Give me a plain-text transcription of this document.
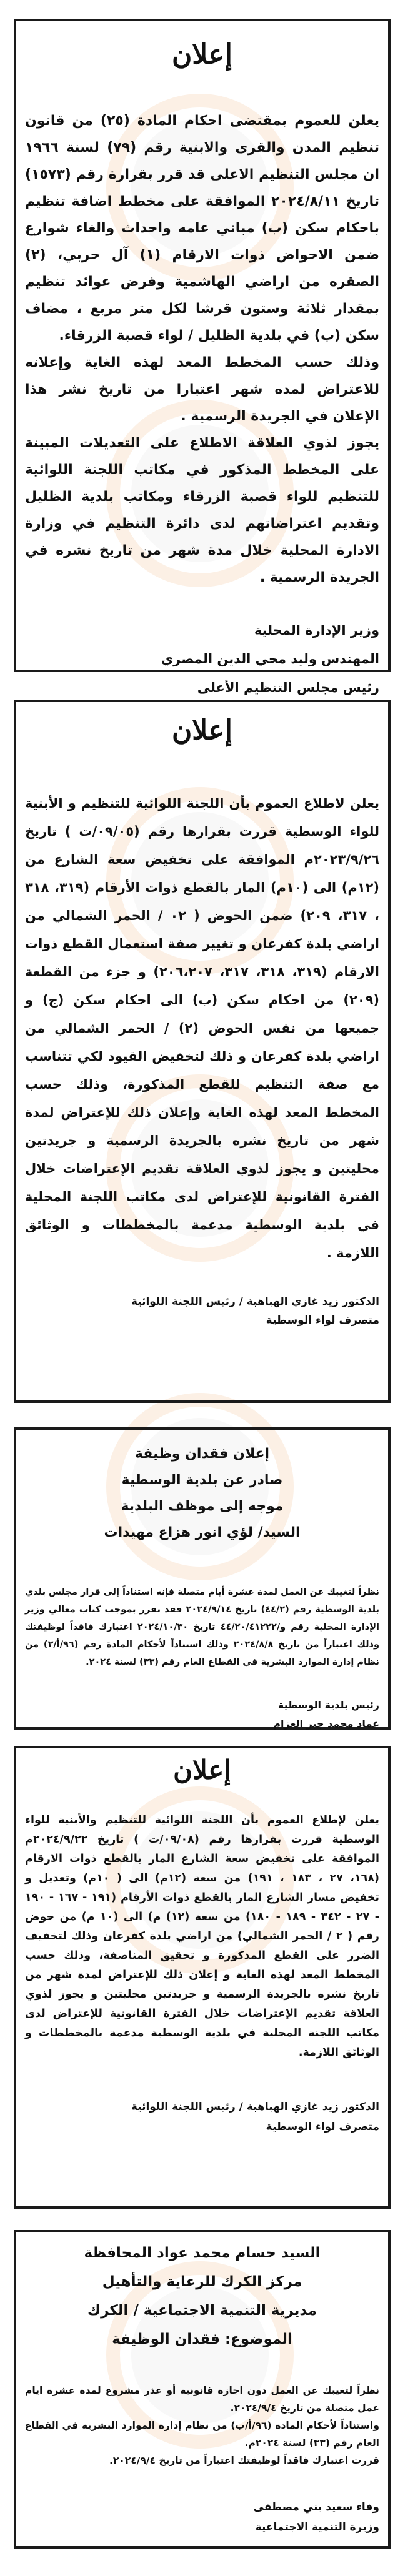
إعلان

يعلن للعموم بمقتضى احكام المادة (٢٥) من قانون تنظيم المدن والقرى والابنية رقم (٧٩) لسنة ١٩٦٦ ان مجلس التنظيم الاعلى قد قرر بقرارة رقم (١٥٧٣) تاريخ ٢٠٢٤/٨/١١ الموافقة على مخطط اضافة تنظيم باحكام سكن (ب) مباني عامه واحداث والغاء شوارع ضمن الاحواض ذوات الارقام (١) آل حربي، (٢) الصقره من اراضي الهاشمية وفرض عوائد تنظيم بمقدار ثلاثة وستون قرشا لكل متر مربع ، مضاف سكن (ب) في بلدية الظليل / لواء قصبة الزرقاء.

وذلك حسب المخطط المعد لهذه الغاية وإعلانه للاعتراض لمده شهر اعتبارا من تاريخ نشر هذا الإعلان في الجريدة الرسمية .

يجوز لذوي العلاقة الاطلاع على التعديلات المبينة على المخطط المذكور في مكاتب اللجنة اللوائية للتنظيم للواء قصبة الزرقاء ومكاتب بلدية الظليل وتقديم اعتراضاتهم لدى دائرة التنظيم في وزارة الادارة المحلية خلال مدة شهر من تاريخ نشره في الجريدة الرسمية .

وزير الإدارة المحلية
المهندس وليد محي الدين المصري
رئيس مجلس التنظيم الأعلى
إعلان

يعلن لاطلاع العموم بأن اللجنة اللوائية للتنظيم و الأبنية للواء الوسطية قررت بقرارها رقم (٠٩/٠٥/ت ) تاريخ ٢٠٢٣/٩/٢٦م الموافقة على تخفيض سعة الشارع من (١٢م) الى (١٠م) المار بالقطع ذوات الأرقام (٣١٩، ٣١٨ ، ٣١٧، ٢٠٩) ضمن الحوض ( ٠٢ / الحمر الشمالي من اراضي بلدة كفرعان و تغيير صفة استعمال القطع ذوات الارقام (٣١٩، ٣١٨، ٣١٧، ٢٠٦،٢٠٧) و جزء من القطعة (٢٠٩) من احكام سكن (ب) الى احكام سكن (ج) و جميعها من نفس الحوض (٢) / الحمر الشمالي من اراضي بلدة كفرعان و ذلك لتخفيض القيود لكي تتناسب مع صفة التنظيم للقطع المذكورة، وذلك حسب المخطط المعد لهذه الغاية وإعلان ذلك للإعتراض لمدة شهر من تاريخ نشره بالجريدة الرسمية و جريدتين محليتين و يجوز لذوي العلاقة تقديم الإعتراضات خلال الفترة القانونية للإعتراض لدى مكاتب اللجنة المحلية في بلدية الوسطية مدعمة بالمخططات و الوثائق اللازمة .

الدكتور زيد غازي الهباهبة / رئيس اللجنة اللوائية
متصرف لواء الوسطية
إعلان فقدان وظيفة
صادر عن بلدية الوسطية
موجه إلى موظف البلدية
السيد/ لؤي انور هزاع مهيدات

نظراً لتغيبك عن العمل لمدة عشرة أيام متصلة فإنه استناداً إلى قرار مجلس بلدي بلدية الوسطية رقم (٤٤/٢) تاريخ ٢٠٢٤/٩/١٤ فقد تقرر بموجب كتاب معالي وزير الإدارة المحلية رقم و/٤٤/٢٠/٤١٢٢٢ تاريخ ٢٠٢٤/١٠/٣٠ اعتبارك فاقداً لوظيفتك وذلك اعتباراً من تاريخ ٢٠٢٤/٨/٨ وذلك استناداً لأحكام المادة رقم (٩٦/أ/٢) من نظام إدارة الموارد البشرية في القطاع العام رقم (٣٣) لسنة ٢٠٢٤.

رئيس بلدية الوسطية
عماد محمد جبر العزام
إعلان

يعلن لإطلاع العموم بأن اللجنة اللوائية للتنظيم والأبنية للواء الوسطية قررت بقرارها رقم (٠٩/٠٨/ت ) تاريخ ٢٠٢٤/٩/٢٢م الموافقة على تخفيض سعة الشارع المار بالقطع ذوات الارقام (١٦٨، ٢٧ ، ١٨٣ ، ١٩١) من سعة (١٢م) الى ( ١٠م) وتعديل و تخفيض مسار الشارع المار بالقطع ذوات الأرقام (١٩١ - ١٦٧ - ١٩٠ - ٢٧ - ٣٤٢ - ١٨٩ - ١٨٠) من سعة (١٢) م) الى (١٠ م) من حوض رقم ( ٢ / الحمر الشمالي) من اراضي بلدة كفرعان وذلك لتخفيف الضرر على القطع المذكورة و تحقيق المناصفة، وذلك حسب المخطط المعد لهذه الغاية و إعلان ذلك للإعتراض لمدة شهر من تاريخ نشره بالجريدة الرسمية و جريدتين محليتين و يجوز لذوي العلاقة تقديم الإعتراضات خلال الفترة القانونية للإعتراض لدى مكاتب اللجنة المحلية في بلدية الوسطية مدعمة بالمخططات و الوثائق اللازمة.

الدكتور زيد غازي الهباهبة / رئيس اللجنة اللوائية
متصرف لواء الوسطية
السيد حسام محمد عواد المحافظة
مركز الكرك للرعاية والتأهيل
مديرية التنمية الاجتماعية / الكرك
الموضوع: فقدان الوظيفة

نظراً لتغيبك عن العمل دون اجازة قانونية أو عذر مشروع لمدة عشرة ايام عمل متصلة من تاريخ ٢٠٢٤/٩/٤.

واستناداً لأحكام المادة (٩٦/أ/ب) من نظام إدارة الموارد البشرية في القطاع العام رقم (٣٣) لسنة ٢٠٢٤م.

قررت اعتبارك فاقداً لوظيفتك اعتباراً من تاريخ ٢٠٢٤/٩/٤.

وفاء سعيد بني مصطفى
وزيرة التنمية الاجتماعية
